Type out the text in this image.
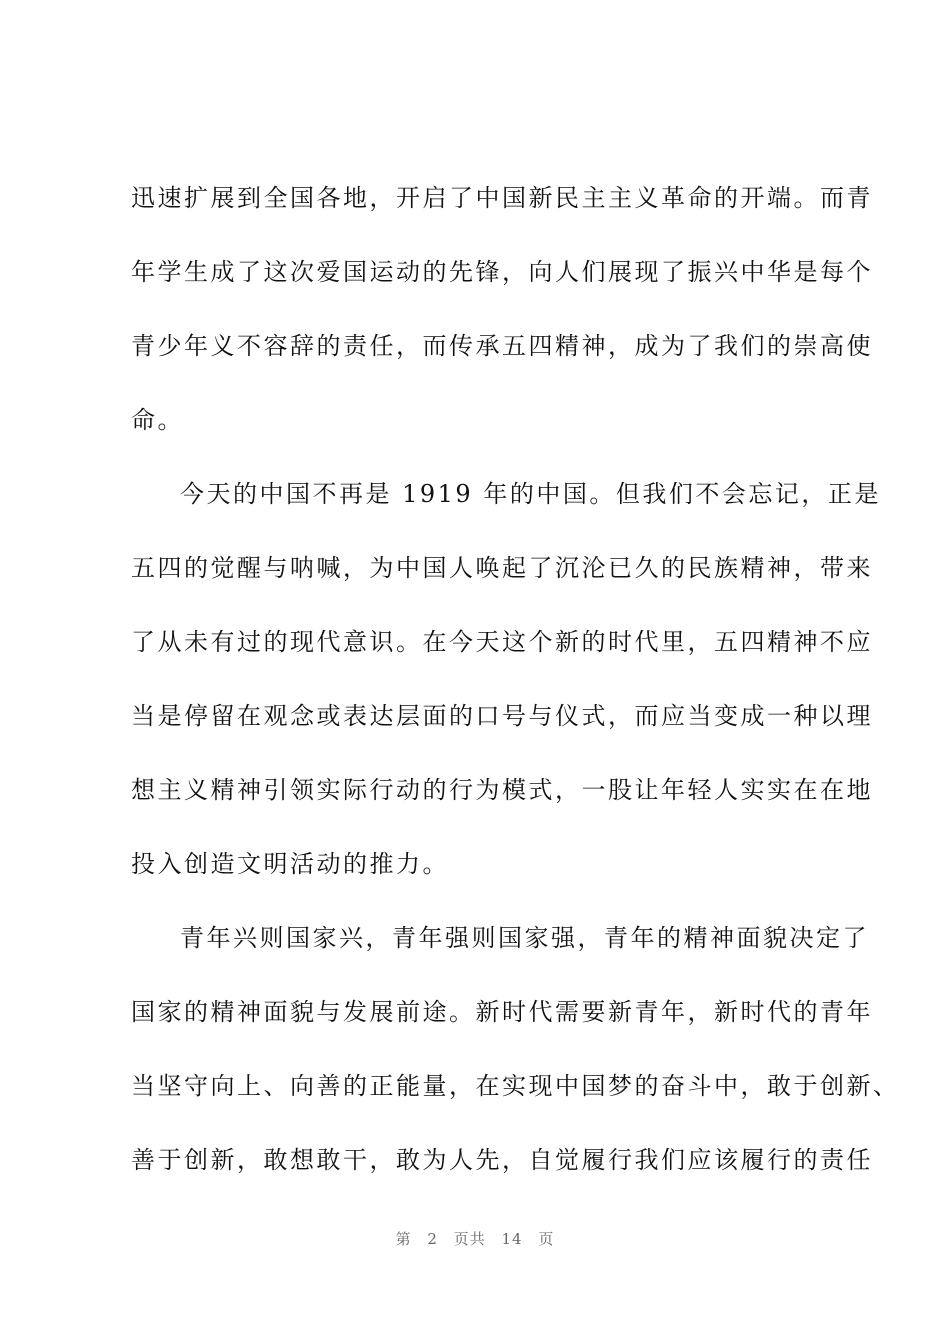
迅速扩展到全国各地，开启了中国新民主主义革命的开端。而青
年学生成了这次爱国运动的先锋，向人们展现了振兴中华是每个
青少年义不容辞的责任，而传承五四精神，成为了我们的崇高使
命。
今天的中国不再是 1919 年的中国。但我们不会忘记，正是
五四的觉醒与呐喊，为中国人唤起了沉沦已久的民族精神，带来
了从未有过的现代意识。在今天这个新的时代里，五四精神不应
当是停留在观念或表达层面的口号与仪式，而应当变成一种以理
想主义精神引领实际行动的行为模式，一股让年轻人实实在在地
投入创造文明活动的推力。
青年兴则国家兴，青年强则国家强，青年的精神面貌决定了
国家的精神面貌与发展前途。新时代需要新青年，新时代的青年
当坚守向上、向善的正能量，在实现中国梦的奋斗中，敢于创新、
善于创新，敢想敢干，敢为人先，自觉履行我们应该履行的责任
第 2 页共 14 页
